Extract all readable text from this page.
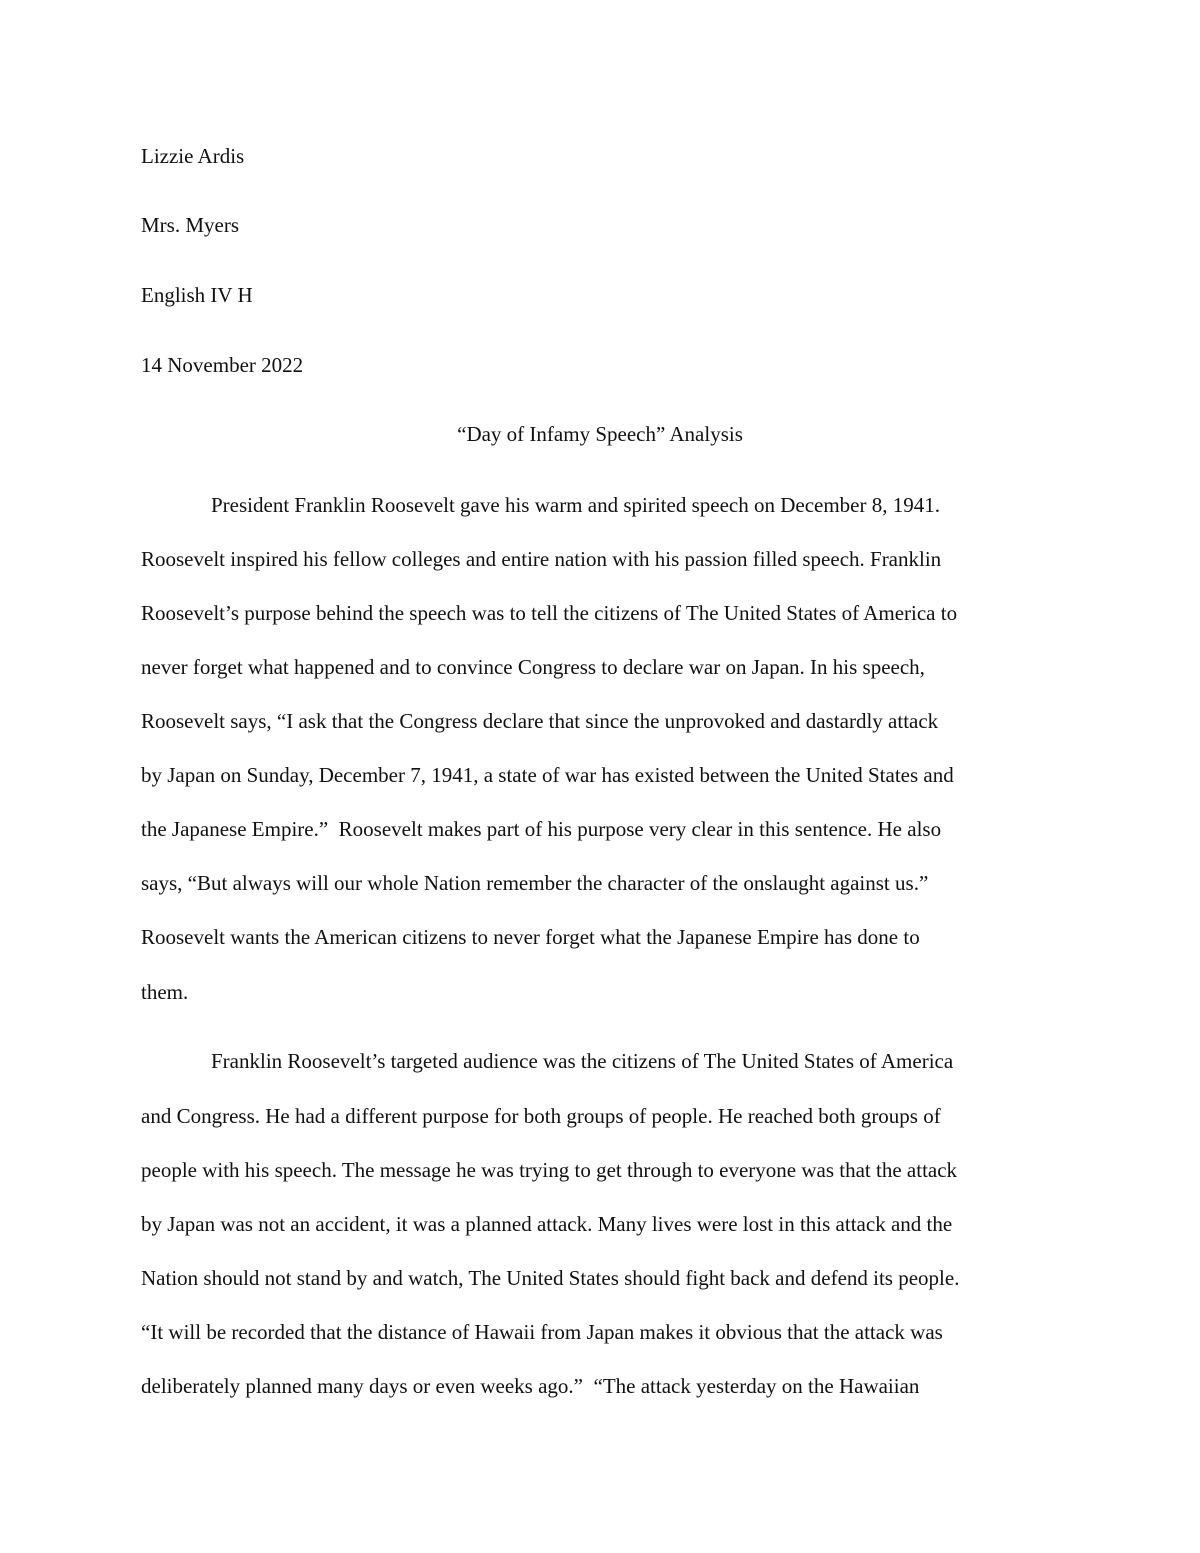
Lizzie Ardis
Mrs. Myers
English IV H
14 November 2022
“Day of Infamy Speech” Analysis
President Franklin Roosevelt gave his warm and spirited speech on December 8, 1941.
Roosevelt inspired his fellow colleges and entire nation with his passion filled speech. Franklin
Roosevelt’s purpose behind the speech was to tell the citizens of The United States of America to
never forget what happened and to convince Congress to declare war on Japan. In his speech,
Roosevelt says, “I ask that the Congress declare that since the unprovoked and dastardly attack
by Japan on Sunday, December 7, 1941, a state of war has existed between the United States and
the Japanese Empire.”  Roosevelt makes part of his purpose very clear in this sentence. He also
says, “But always will our whole Nation remember the character of the onslaught against us.”
Roosevelt wants the American citizens to never forget what the Japanese Empire has done to
them.
Franklin Roosevelt’s targeted audience was the citizens of The United States of America
and Congress. He had a different purpose for both groups of people. He reached both groups of
people with his speech. The message he was trying to get through to everyone was that the attack
by Japan was not an accident, it was a planned attack. Many lives were lost in this attack and the
Nation should not stand by and watch, The United States should fight back and defend its people.
“It will be recorded that the distance of Hawaii from Japan makes it obvious that the attack was
deliberately planned many days or even weeks ago.”  “The attack yesterday on the Hawaiian
